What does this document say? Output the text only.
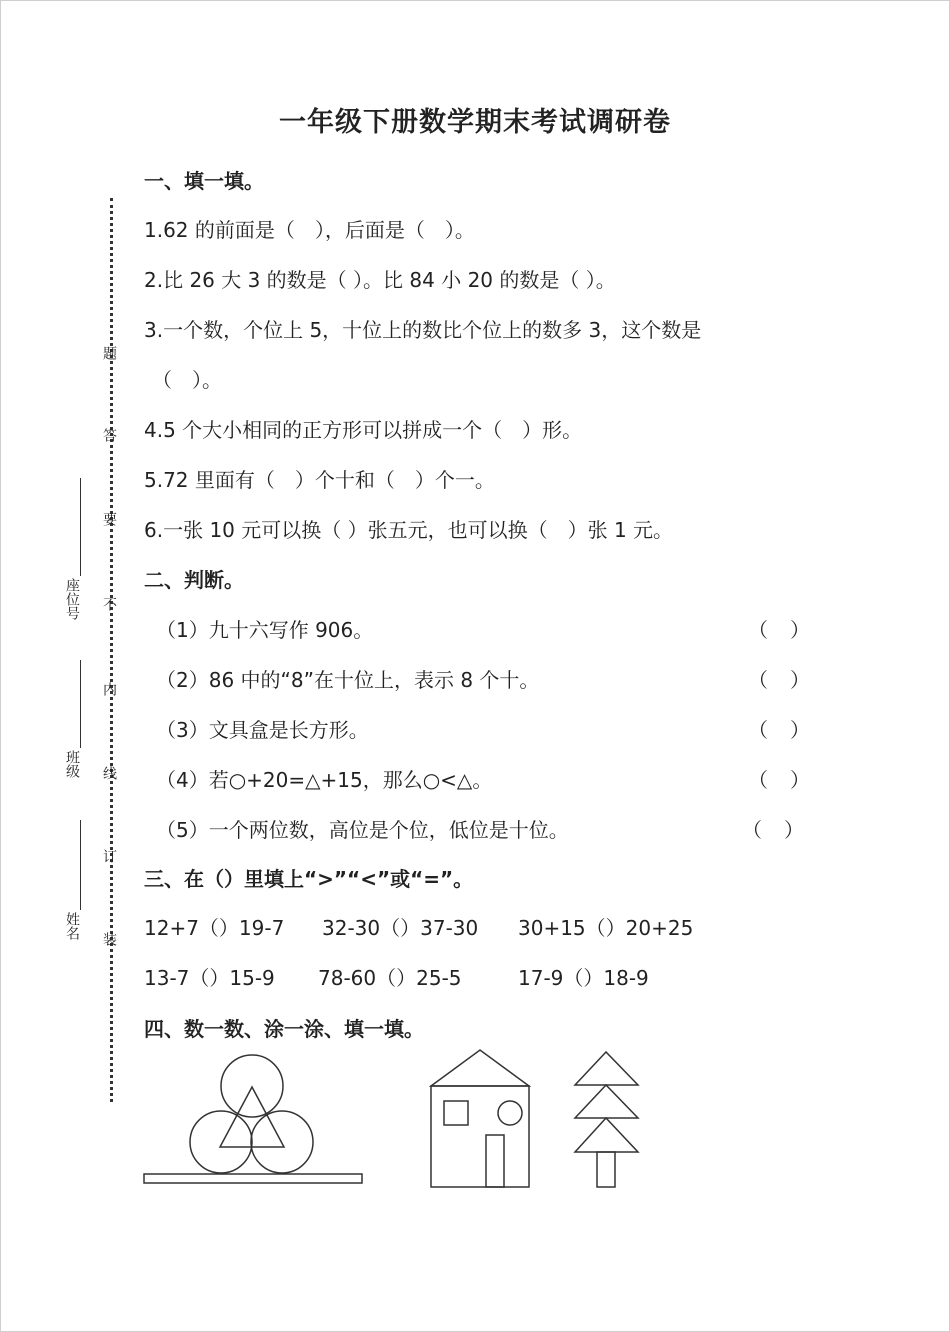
一年级下册数学期末考试调研卷
题
答
要
不
内
线
订
装
座位号
班级
姓名
一、填一填。
1.62 的前面是（　），后面是（　）。
2.比 26 大 3 的数是（ ）。比 84 小 20 的数是（ ）。
3.一个数，个位上 5，十位上的数比个位上的数多 3，这个数是
（　）。
4.5 个大小相同的正方形可以拼成一个（　）形。
5.72 里面有（　）个十和（　）个一。
6.一张 10 元可以换（ ）张五元，也可以换（　）张 1 元。
二、判断。
（1）九十六写作 906。	（）
（2）86 中的“8”在十位上，表示 8 个十。	（）
（3）文具盒是长方形。	（）
（4）若○+20=△+15，那么○<△。	（）
（5）一个两位数，高位是个位，低位是十位。	（）
三、在（）里填上“>”“<”或“=”。
12+7（）19-7 32-30（）37-30 30+15（）20+25
13-7（）15-9 78-60（）25-5	17-9（）18-9
四、数一数、涂一涂、填一填。
